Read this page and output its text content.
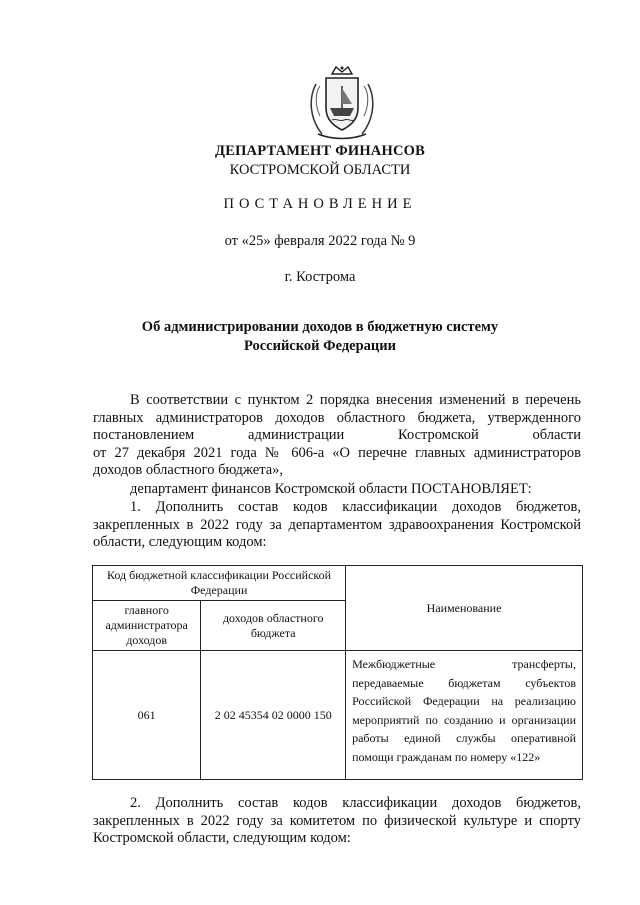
ДЕПАРТАМЕНТ ФИНАНСОВ
КОСТРОМСКОЙ ОБЛАСТИ
ПОСТАНОВЛЕНИЕ
от «25» февраля 2022 года № 9
г. Кострома
Об администрировании доходов в бюджетную систему
Российской Федерации
В соответствии с пунктом 2 порядка внесения изменений в перечень
главных администраторов доходов областного бюджета, утвержденного
постановлением администрации Костромской области
от 27 декабря 2021 года № 606-а «О перечне главных администраторов
доходов областного бюджета»,
департамент финансов Костромской области ПОСТАНОВЛЯЕТ:
1. Дополнить состав кодов классификации доходов бюджетов,
закрепленных в 2022 году за департаментом здравоохранения Костромской
области, следующим кодом:
Код бюджетной классификации Российской Федерации		Наименование
главного администратора доходов	доходов областного бюджета	
061	2 02 45354 02 0000 150	Межбюджетные трансферты, передаваемые бюджетам субъектов Российской Федерации на реализацию мероприятий по созданию и организации работы единой службы оперативной помощи гражданам по номеру «122»
2. Дополнить состав кодов классификации доходов бюджетов,
закрепленных в 2022 году за комитетом по физической культуре и спорту
Костромской области, следующим кодом:
